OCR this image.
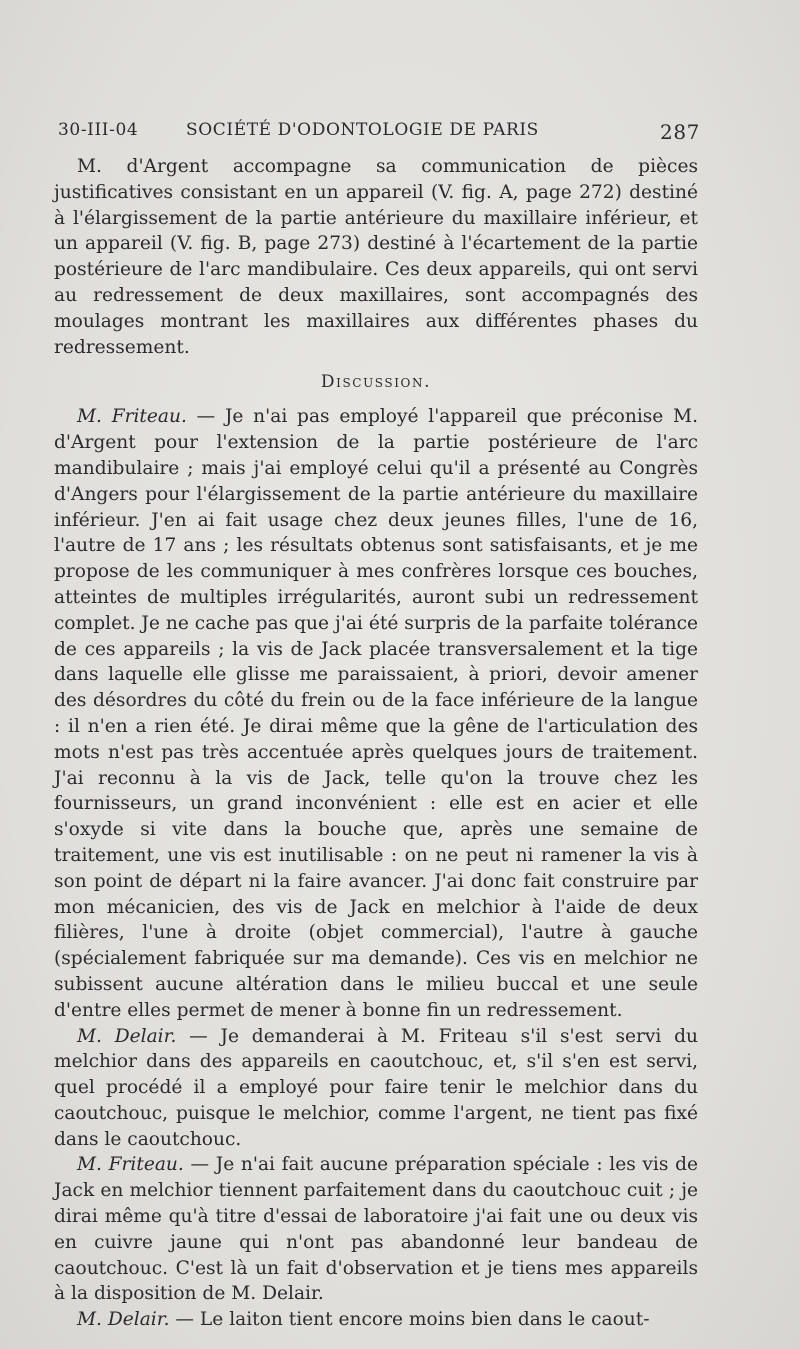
30-III-04	SOCIÉTÉ D'ODONTOLOGIE DE PARIS	287

M. d'Argent accompagne sa communication de pièces justificatives consistant en un appareil (V. fig. A, page 272) destiné à l'élargissement de la partie antérieure du maxillaire inférieur, et un appareil (V. fig. B, page 273) destiné à l'écartement de la partie postérieure de l'arc mandibulaire. Ces deux appareils, qui ont servi au redressement de deux maxillaires, sont accompagnés des moulages montrant les maxillaires aux différentes phases du redressement.

Discussion.

M. Friteau. — Je n'ai pas employé l'appareil que préconise M. d'Argent pour l'extension de la partie postérieure de l'arc mandibulaire ; mais j'ai employé celui qu'il a présenté au Congrès d'Angers pour l'élargissement de la partie antérieure du maxillaire inférieur. J'en ai fait usage chez deux jeunes filles, l'une de 16, l'autre de 17 ans ; les résultats obtenus sont satisfaisants, et je me propose de les communiquer à mes confrères lorsque ces bouches, atteintes de multiples irrégularités, auront subi un redressement complet. Je ne cache pas que j'ai été surpris de la parfaite tolérance de ces appareils ; la vis de Jack placée transversalement et la tige dans laquelle elle glisse me paraissaient, à priori, devoir amener des désordres du côté du frein ou de la face inférieure de la langue : il n'en a rien été. Je dirai même que la gêne de l'articulation des mots n'est pas très accentuée après quelques jours de traitement. J'ai reconnu à la vis de Jack, telle qu'on la trouve chez les fournisseurs, un grand inconvénient : elle est en acier et elle s'oxyde si vite dans la bouche que, après une semaine de traitement, une vis est inutilisable : on ne peut ni ramener la vis à son point de départ ni la faire avancer. J'ai donc fait construire par mon mécanicien, des vis de Jack en melchior à l'aide de deux filières, l'une à droite (objet commercial), l'autre à gauche (spécialement fabriquée sur ma demande). Ces vis en melchior ne subissent aucune altération dans le milieu buccal et une seule d'entre elles permet de mener à bonne fin un redressement.

M. Delair. — Je demanderai à M. Friteau s'il s'est servi du melchior dans des appareils en caoutchouc, et, s'il s'en est servi, quel procédé il a employé pour faire tenir le melchior dans du caoutchouc, puisque le melchior, comme l'argent, ne tient pas fixé dans le caoutchouc.

M. Friteau. — Je n'ai fait aucune préparation spéciale : les vis de Jack en melchior tiennent parfaitement dans du caoutchouc cuit ; je dirai même qu'à titre d'essai de laboratoire j'ai fait une ou deux vis en cuivre jaune qui n'ont pas abandonné leur bandeau de caoutchouc. C'est là un fait d'observation et je tiens mes appareils à la disposition de M. Delair.

M. Delair. — Le laiton tient encore moins bien dans le caout-
